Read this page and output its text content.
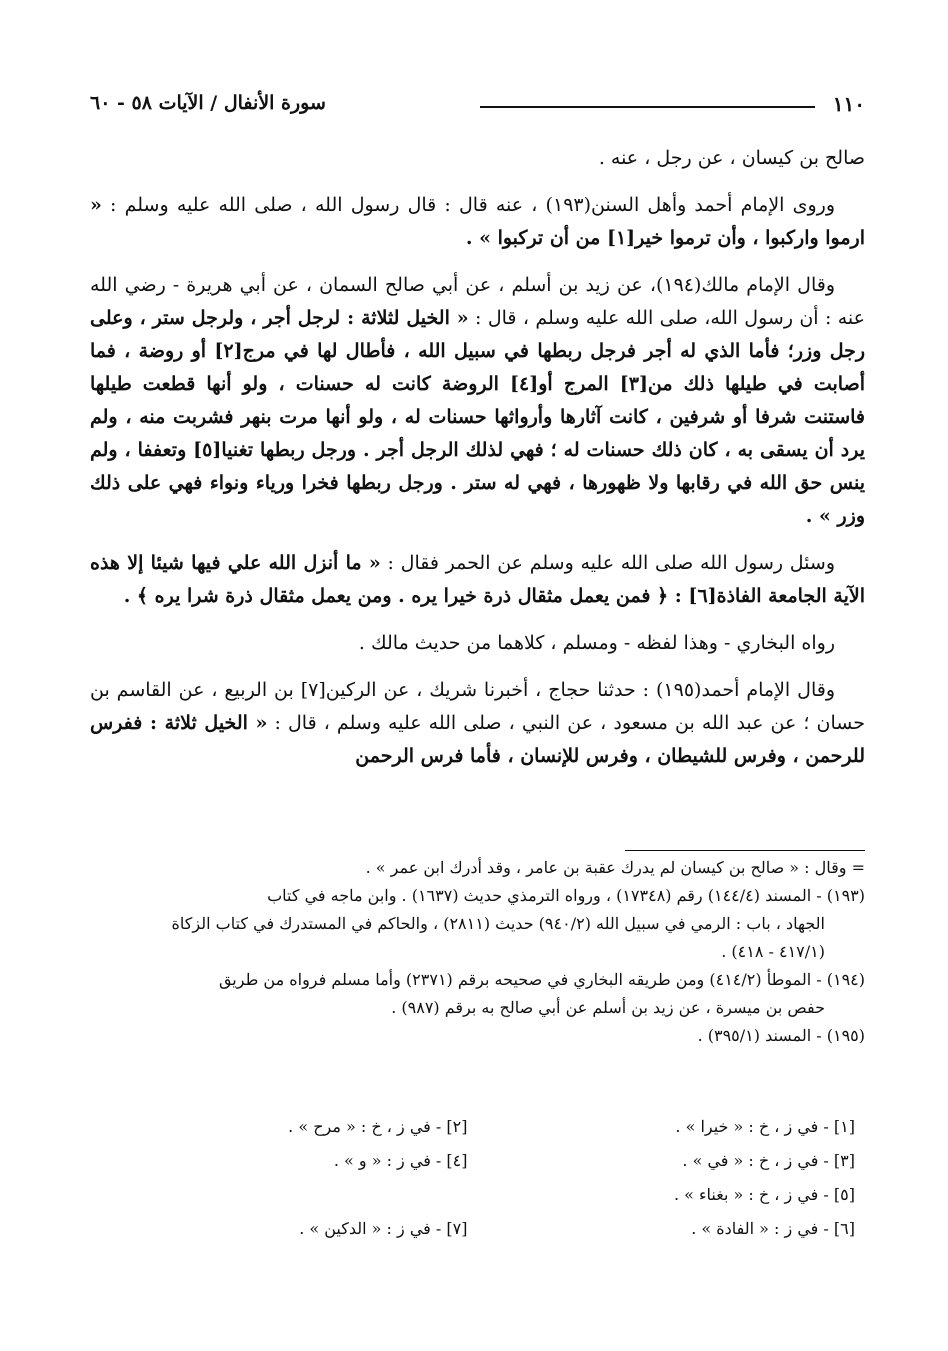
١١٠
سورة الأنفال / الآيات ٥٨ - ٦٠

صالح بن كيسان ، عن رجل ، عنه .

وروى الإمام أحمد وأهل السنن(١٩٣) ، عنه قال : قال رسول الله ، صلى الله عليه وسلم : « ارموا واركبوا ، وأن ترموا خير[١] من أن تركبوا » .

وقال الإمام مالك(١٩٤)، عن زيد بن أسلم ، عن أبي صالح السمان ، عن أبي هريرة - رضي الله عنه : أن رسول الله، صلى الله عليه وسلم ، قال : « الخيل لثلاثة : لرجل أجر ، ولرجل ستر ، وعلى رجل وزر؛ فأما الذي له أجر فرجل ربطها في سبيل الله ، فأطال لها في مرج[٢] أو روضة ، فما أصابت في طيلها ذلك من[٣] المرج أو[٤] الروضة كانت له حسنات ، ولو أنها قطعت طيلها فاستنت شرفا أو شرفين ، كانت آثارها وأرواثها حسنات له ، ولو أنها مرت بنهر فشربت منه ، ولم يرد أن يسقى به ، كان ذلك حسنات له ؛ فهي لذلك الرجل أجر . ورجل ربطها تغنيا[٥] وتعففا ، ولم ينس حق الله في رقابها ولا ظهورها ، فهي له ستر . ورجل ربطها فخرا ورياء ونواء فهي على ذلك وزر » .

وسئل رسول الله صلى الله عليه وسلم عن الحمر فقال : « ما أنزل الله علي فيها شيئا إلا هذه الآية الجامعة الفاذة[٦] : ﴿ فمن يعمل مثقال ذرة خيرا يره . ومن يعمل مثقال ذرة شرا يره ﴾ .

رواه البخاري - وهذا لفظه - ومسلم ، كلاهما من حديث مالك .

وقال الإمام أحمد(١٩٥) : حدثنا حجاج ، أخبرنا شريك ، عن الركين[٧] بن الربيع ، عن القاسم بن حسان ؛ عن عبد الله بن مسعود ، عن النبي ، صلى الله عليه وسلم ، قال : « الخيل ثلاثة : ففرس للرحمن ، وفرس للشيطان ، وفرس للإنسان ، فأما فرس الرحمن

= وقال : « صالح بن كيسان لم يدرك عقبة بن عامر ، وقد أدرك ابن عمر » .

(١٩٣) - المسند (١٤٤/٤) رقم (١٧٣٤٨) ، ورواه الترمذي حديث (١٦٣٧) . وابن ماجه في كتاب

الجهاد ، باب : الرمي في سبيل الله (٩٤٠/٢) حديث (٢٨١١) ، والحاكم في المستدرك في كتاب الزكاة

(٤١٧/١ - ٤١٨) .

(١٩٤) - الموطأ (٤١٤/٢) ومن طريقه البخاري في صحيحه برقم (٢٣٧١) وأما مسلم فرواه من طريق

حفص بن ميسرة ، عن زيد بن أسلم عن أبي صالح به برقم (٩٨٧) .

(١٩٥) - المسند (٣٩٥/١) .

[١] - في ز ، خ : « خيرا » .
[٢] - في ز ، خ : « مرح » .
[٣] - في ز ، خ : « في » .
[٤] - في ز : « و » .
[٥] - في ز ، خ : « بغناء » .
[٦] - في ز : « الفادة » .
[٧] - في ز : « الدكين » .
